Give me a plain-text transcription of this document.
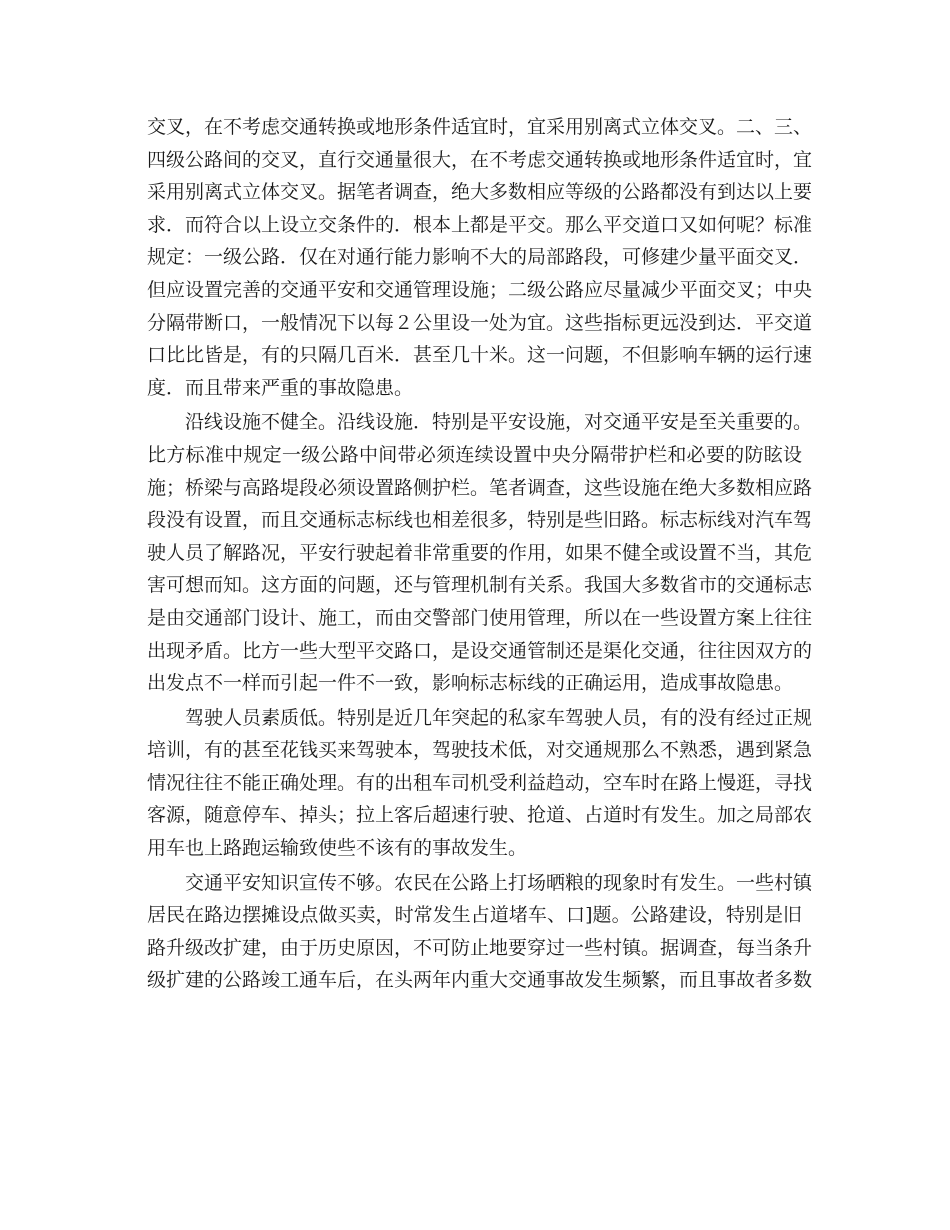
交叉，在不考虑交通转换或地形条件适宜时，宜采用别离式立体交叉。二、三、
四级公路间的交叉，直行交通量很大，在不考虑交通转换或地形条件适宜时，宜
采用别离式立体交叉。据笔者调查，绝大多数相应等级的公路都没有到达以上要
求．而符合以上设立交条件的．根本上都是平交。那么平交道口又如何呢？标准
规定：一级公路．仅在对通行能力影响不大的局部路段，可修建少量平面交叉．
但应设置完善的交通平安和交通管理设施；二级公路应尽量减少平面交叉；中央
分隔带断口，一般情况下以每２公里设一处为宜。这些指标更远没到达．平交道
口比比皆是，有的只隔几百米．甚至几十米。这一问题，不但影响车辆的运行速
度．而且带来严重的事故隐患。
沿线设施不健全。沿线设施．特别是平安设施，对交通平安是至关重要的。
比方标准中规定一级公路中间带必须连续设置中央分隔带护栏和必要的防眩设
施；桥梁与高路堤段必须设置路侧护栏。笔者调查，这些设施在绝大多数相应路
段没有设置，而且交通标志标线也相差很多，特别是些旧路。标志标线对汽车驾
驶人员了解路况，平安行驶起着非常重要的作用，如果不健全或设置不当，其危
害可想而知。这方面的问题，还与管理机制有关系。我国大多数省市的交通标志
是由交通部门设计、施工，而由交警部门使用管理，所以在一些设置方案上往往
出现矛盾。比方一些大型平交路口，是设交通管制还是渠化交通，往往因双方的
出发点不一样而引起一件不一致，影响标志标线的正确运用，造成事故隐患。
驾驶人员素质低。特别是近几年突起的私家车驾驶人员，有的没有经过正规
培训，有的甚至花钱买来驾驶本，驾驶技术低，对交通规那么不熟悉，遇到紧急
情况往往不能正确处理。有的出租车司机受利益趋动，空车时在路上慢逛，寻找
客源，随意停车、掉头；拉上客后超速行驶、抢道、占道时有发生。加之局部农
用车也上路跑运输致使些不该有的事故发生。
交通平安知识宣传不够。农民在公路上打场晒粮的现象时有发生。一些村镇
居民在路边摆摊设点做买卖，时常发生占道堵车、口]题。公路建设，特别是旧
路升级改扩建，由于历史原因，不可防止地要穿过一些村镇。据调查，每当条升
级扩建的公路竣工通车后，在头两年内重大交通事故发生频繁，而且事故者多数
